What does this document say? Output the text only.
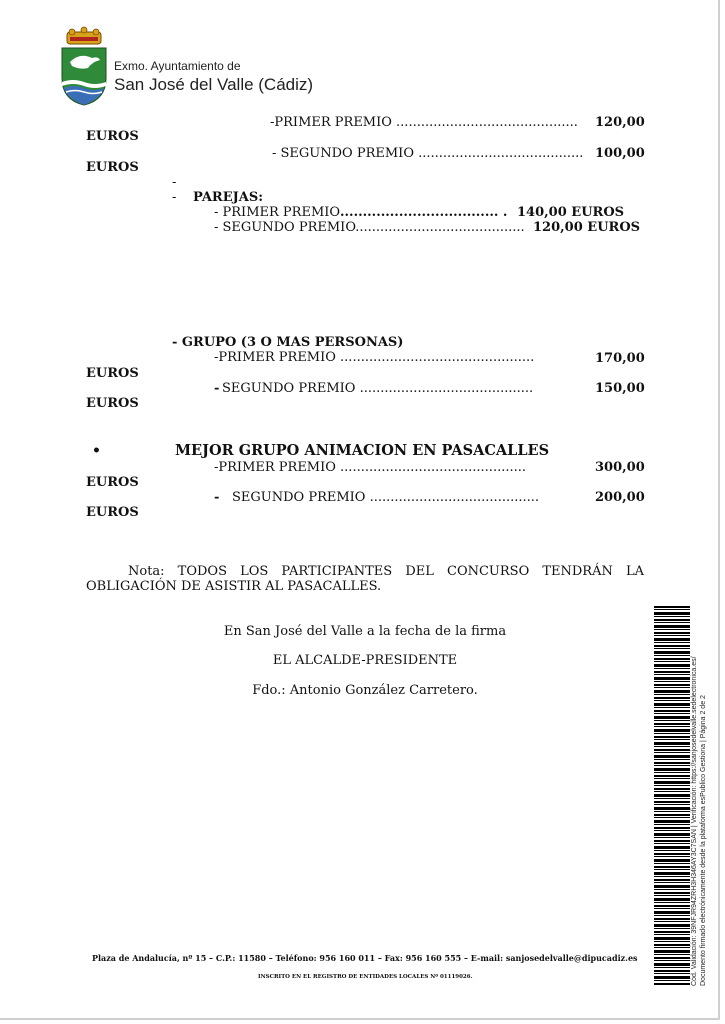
Exmo. Ayuntamiento de
San José del Valle (Cádiz)
-PRIMER PREMIO ............................................ 120,00
EUROS
- SEGUNDO PREMIO ........................................ 100,00
EUROS
-
- PAREJAS:
- PRIMER PREMIO ................................... . 140,00 EUROS
- SEGUNDO PREMIO......................................... 120,00 EUROS
- GRUPO (3 O MAS PERSONAS)
-PRIMER PREMIO ...............................................	170,00
EUROS
- SEGUNDO PREMIO ..........................................	150,00
EUROS
•	MEJOR GRUPO ANIMACION EN PASACALLES
-PRIMER PREMIO .............................................	300,00
EUROS
- SEGUNDO PREMIO .........................................	200,00
EUROS
Nota: TODOS LOS PARTICIPANTES DEL CONCURSO TENDRÁN LA
OBLIGACIÓN DE ASISTIR AL PASACALLES.
En San José del Valle a la fecha de la firma
EL ALCALDE-PRESIDENTE
Fdo.: Antonio González Carretero.
Plaza de Andalucía, nº 15 – C.P.: 11580 – Teléfono: 956 160 011 – Fax: 956 160 555 – E-mail: sanjosedelvalle@dipucadiz.es
INSCRITO EN EL REGISTRO DE ENTIDADES LOCALES Nº 01119026.	Cód. Validación: 39NFJR94ZRH3H346AY3C7SAN | Verificación: https://sanjosedelvalle.sedelectronica.es/ Documento firmado electrónicamente desde la plataforma esPublico Gestiona | Página 2 de 2
